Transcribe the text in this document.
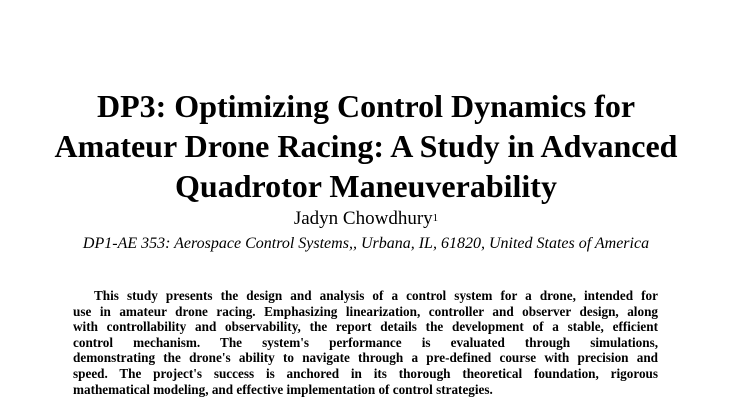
DP3: Optimizing Control Dynamics for
Amateur Drone Racing: A Study in Advanced
Quadrotor Maneuverability
Jadyn Chowdhury$^1$
DP1-AE 353: Aerospace Control Systems,, Urbana, IL, 61820, United States of America

This study presents the design and analysis of a control system for a drone, intended for
use in amateur drone racing. Emphasizing linearization, controller and observer design, along
with controllability and observability, the report details the development of a stable, efficient
control mechanism. The system's performance is evaluated through simulations,
demonstrating the drone's ability to navigate through a pre-defined course with precision and
speed. The project's success is anchored in its thorough theoretical foundation, rigorous
mathematical modeling, and effective implementation of control strategies.
